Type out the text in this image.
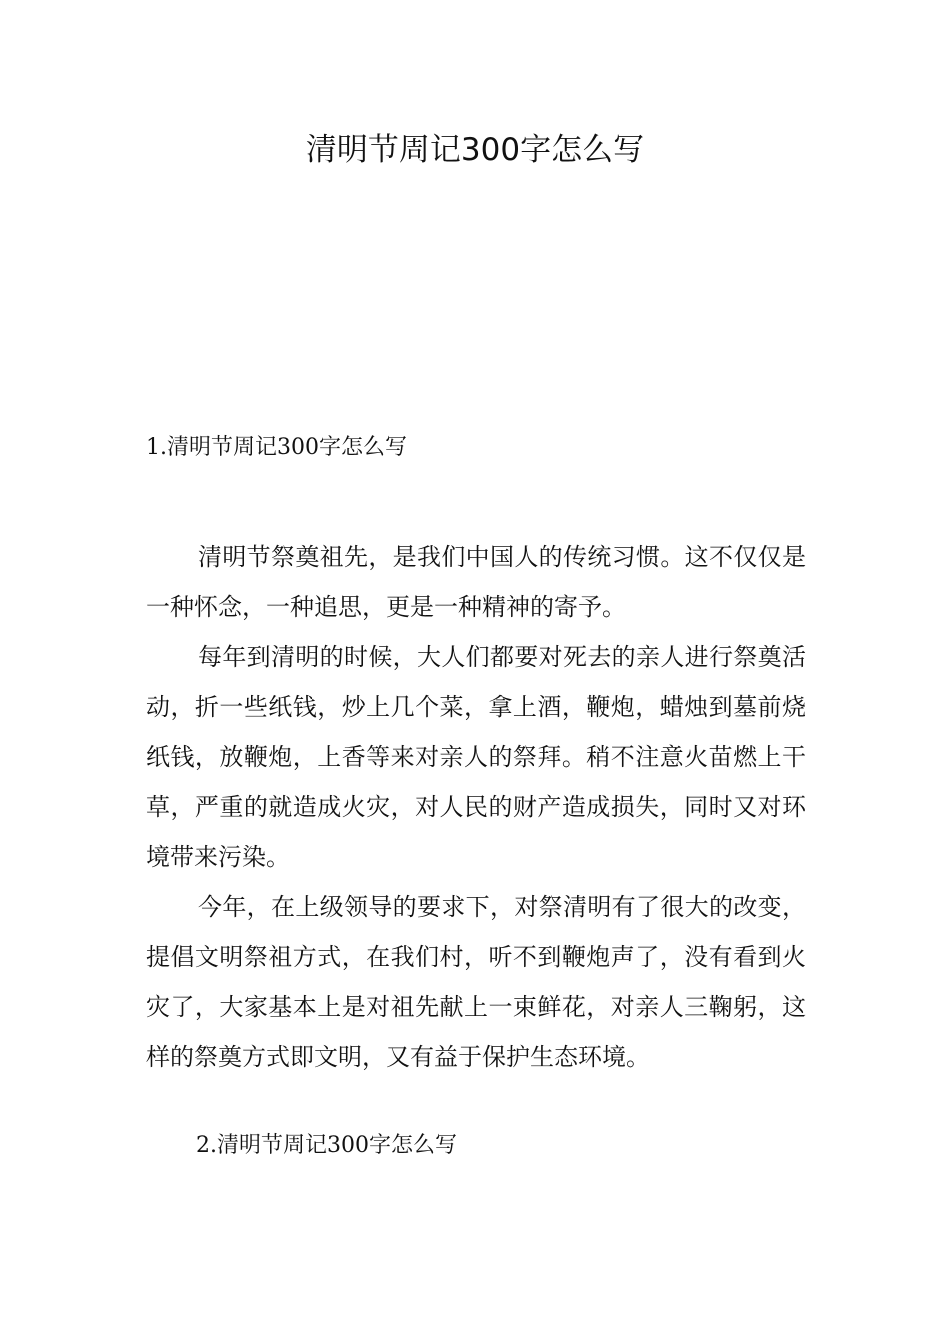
清明节周记300字怎么写
1.清明节周记300字怎么写

清明节祭奠祖先，是我们中国人的传统习惯。这不仅仅是一种怀念，一种追思，更是一种精神的寄予。

每年到清明的时候，大人们都要对死去的亲人进行祭奠活动，折一些纸钱，炒上几个菜，拿上酒，鞭炮，蜡烛到墓前烧纸钱，放鞭炮，上香等来对亲人的祭拜。稍不注意火苗燃上干草，严重的就造成火灾，对人民的财产造成损失，同时又对环境带来污染。

今年，在上级领导的要求下，对祭清明有了很大的改变，提倡文明祭祖方式，在我们村，听不到鞭炮声了，没有看到火灾了，大家基本上是对祖先献上一束鲜花，对亲人三鞠躬，这样的祭奠方式即文明，又有益于保护生态环境。

2.清明节周记300字怎么写
